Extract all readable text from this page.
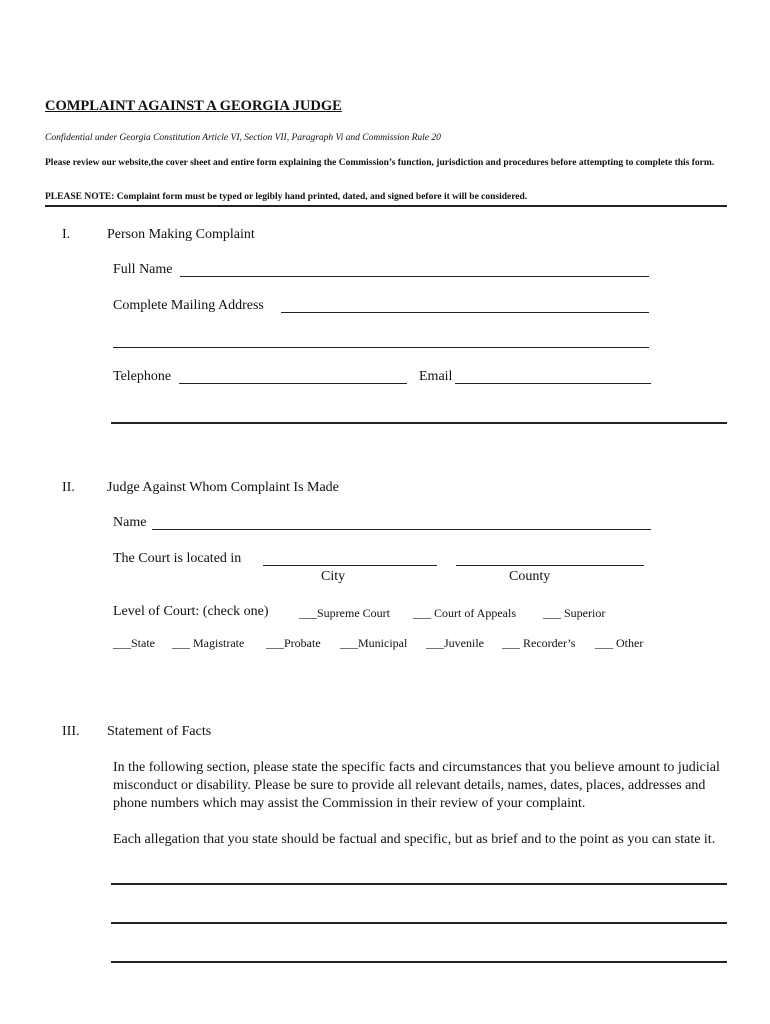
COMPLAINT AGAINST A GEORGIA JUDGE
Confidential under Georgia Constitution Article VI, Section VII, Paragraph Vi and Commission Rule 20
Please review our website,the cover sheet and entire form explaining the Commission’s function, jurisdiction and procedures before attempting to complete this form.
PLEASE NOTE: Complaint form must be typed or legibly hand printed, dated, and signed before it will be considered.
I.	Person Making Complaint
Full Name
Complete Mailing Address
Telephone	Email
II. Judge Against Whom Complaint Is Made
Name
The Court is located in
City	County
Level of Court: (check one)	___Supreme Court ___ Court of Appeals ___ Superior
___State ___ Magistrate ___Probate ___Municipal ___Juvenile ___ Recorder’s ___ Other
III. Statement of Facts
In the following section, please state the specific facts and circumstances that you believe amount to judicial misconduct or disability. Please be sure to provide all relevant details, names, dates, places, addresses and phone numbers which may assist the Commission in their review of your complaint.
Each allegation that you state should be factual and specific, but as brief and to the point as you can state it.
